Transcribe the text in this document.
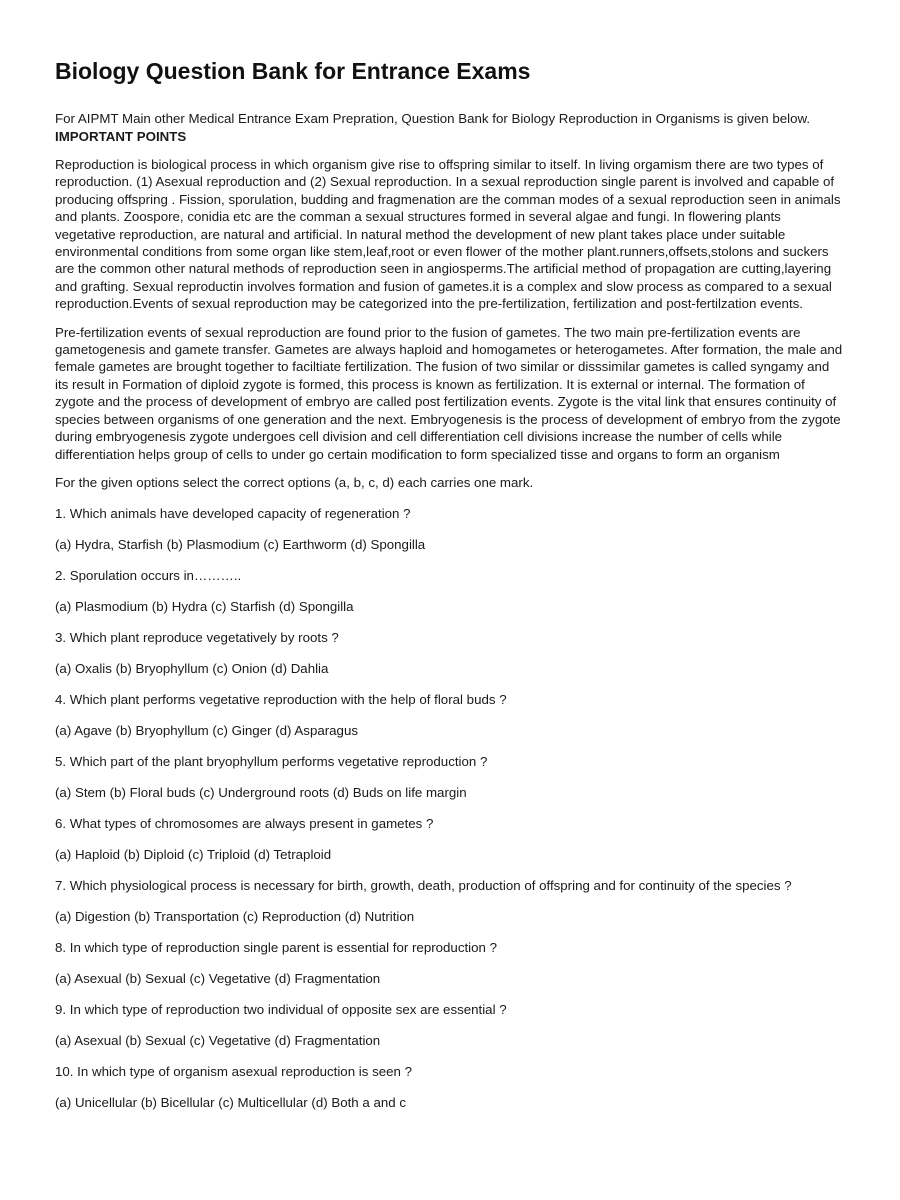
Biology Question Bank for Entrance Exams

For AIPMT Main other Medical Entrance Exam Prepration, Question Bank for Biology Reproduction in Organisms is given below.

IMPORTANT POINTS

Reproduction is biological process in which organism give rise to offspring similar to itself. In living orgamism there are two types of reproduction. (1) Asexual reproduction and (2) Sexual reproduction. In a sexual reproduction single parent is involved and capable of producing offspring . Fission, sporulation, budding and fragmenation are the comman modes of a sexual reproduction seen in animals and plants. Zoospore, conidia etc are the comman a sexual structures formed in several algae and fungi. In flowering plants vegetative reproduction, are natural and artificial. In natural method the development of new plant takes place under suitable environmental conditions from some organ like stem,leaf,root or even flower of the mother plant.runners,offsets,stolons and suckers are the common other natural methods of reproduction seen in angiosperms.The artificial method of propagation are cutting,layering and grafting. Sexual reproductin involves formation and fusion of gametes.it is a complex and slow process as compared to a sexual reproduction.Events of sexual reproduction may be categorized into the pre-fertilization, fertilization and post-fertilzation events.

Pre-fertilization events of sexual reproduction are found prior to the fusion of gametes. The two main pre-fertilization events are gametogenesis and gamete transfer. Gametes are always haploid and homogametes or heterogametes. After formation, the male and female gametes are brought together to faciltiate fertilization. The fusion of two similar or disssimilar gametes is called syngamy and its result in Formation of diploid zygote is formed, this process is known as fertilization. It is external or internal. The formation of zygote and the process of development of embryo are called post fertilization events. Zygote is the vital link that ensures continuity of species between organisms of one generation and the next. Embryogenesis is the process of development of embryo from the zygote during embryogenesis zygote undergoes cell division and cell differentiation cell divisions increase the number of cells while differentiation helps group of cells to under go certain modification to form specialized tisse and organs to form an organism

For the given options select the correct options (a, b, c, d) each carries one mark.

1. Which animals have developed capacity of regeneration ?

(a) Hydra, Starfish (b) Plasmodium (c) Earthworm (d) Spongilla

2. Sporulation occurs in………..

(a) Plasmodium (b) Hydra (c) Starfish (d) Spongilla

3. Which plant reproduce vegetatively by roots ?

(a) Oxalis (b) Bryophyllum (c) Onion (d) Dahlia

4. Which plant performs vegetative reproduction with the help of floral buds ?

(a) Agave (b) Bryophyllum (c) Ginger (d) Asparagus

5. Which part of the plant bryophyllum performs vegetative reproduction ?

(a) Stem (b) Floral buds (c) Underground roots (d) Buds on life margin

6. What types of chromosomes are always present in gametes ?

(a) Haploid (b) Diploid (c) Triploid (d) Tetraploid

7. Which physiological process is necessary for birth, growth, death, production of offspring and for continuity of the species ?

(a) Digestion (b) Transportation (c) Reproduction (d) Nutrition

8. In which type of reproduction single parent is essential for reproduction ?

(a) Asexual (b) Sexual (c) Vegetative (d) Fragmentation

9. In which type of reproduction two individual of opposite sex are essential ?

(a) Asexual (b) Sexual (c) Vegetative (d) Fragmentation

10. In which type of organism asexual reproduction is seen ?

(a) Unicellular (b) Bicellular (c) Multicellular (d) Both a and c
